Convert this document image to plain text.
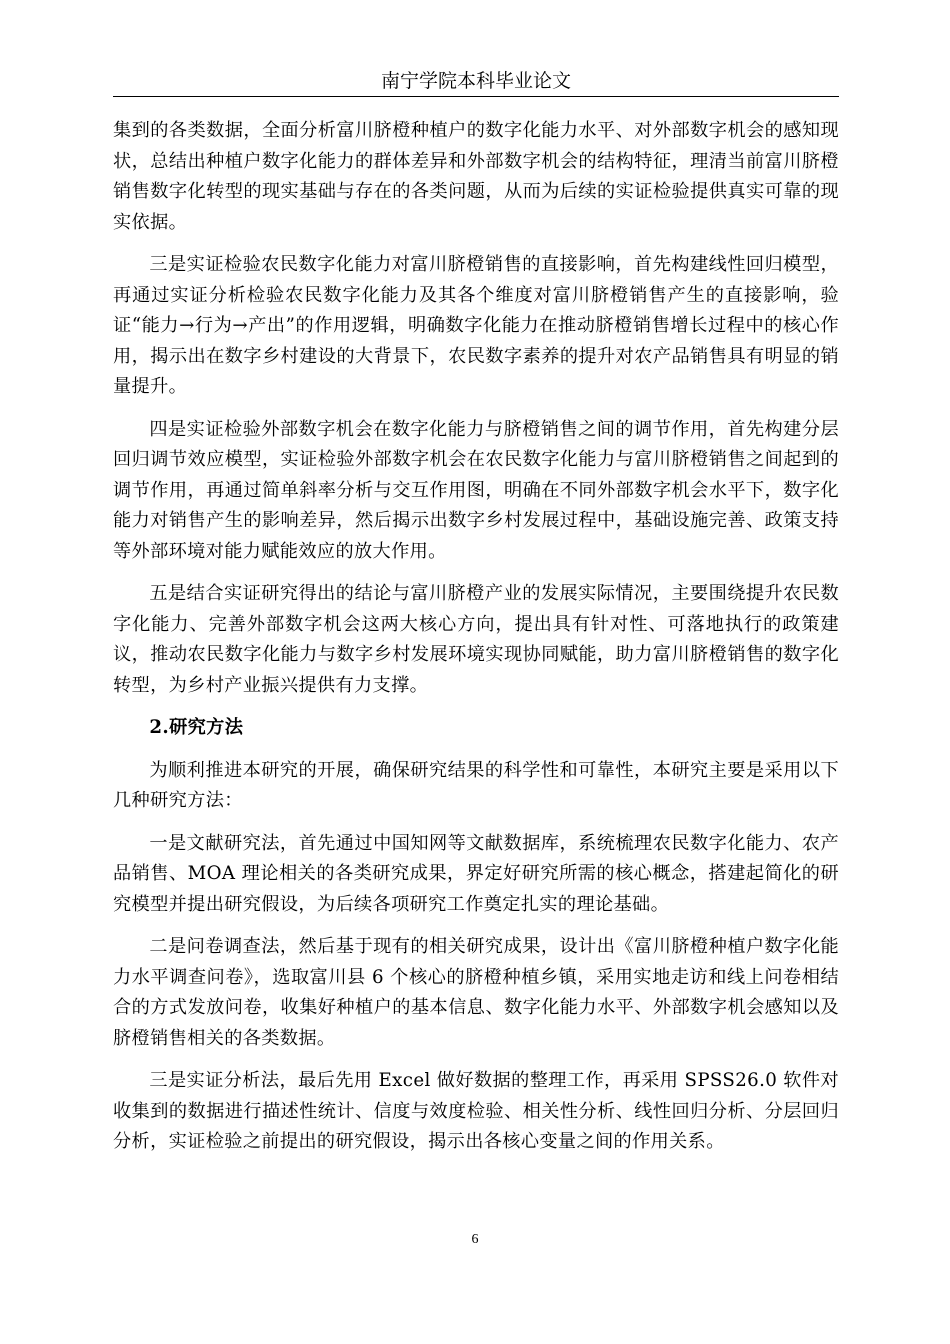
南宁学院本科毕业论文

集到的各类数据，全面分析富川脐橙种植户的数字化能力水平、对外部数字机会的感知现状，总结出种植户数字化能力的群体差异和外部数字机会的结构特征，理清当前富川脐橙销售数字化转型的现实基础与存在的各类问题，从而为后续的实证检验提供真实可靠的现实依据。

三是实证检验农民数字化能力对富川脐橙销售的直接影响，首先构建线性回归模型，再通过实证分析检验农民数字化能力及其各个维度对富川脐橙销售产生的直接影响，验证“能力→行为→产出”的作用逻辑，明确数字化能力在推动脐橙销售增长过程中的核心作用，揭示出在数字乡村建设的大背景下，农民数字素养的提升对农产品销售具有明显的销量提升。

四是实证检验外部数字机会在数字化能力与脐橙销售之间的调节作用，首先构建分层回归调节效应模型，实证检验外部数字机会在农民数字化能力与富川脐橙销售之间起到的调节作用，再通过简单斜率分析与交互作用图，明确在不同外部数字机会水平下，数字化能力对销售产生的影响差异，然后揭示出数字乡村发展过程中，基础设施完善、政策支持等外部环境对能力赋能效应的放大作用。

五是结合实证研究得出的结论与富川脐橙产业的发展实际情况，主要围绕提升农民数字化能力、完善外部数字机会这两大核心方向，提出具有针对性、可落地执行的政策建议，推动农民数字化能力与数字乡村发展环境实现协同赋能，助力富川脐橙销售的数字化转型，为乡村产业振兴提供有力支撑。

2.研究方法

为顺利推进本研究的开展，确保研究结果的科学性和可靠性，本研究主要是采用以下几种研究方法：

一是文献研究法，首先通过中国知网等文献数据库，系统梳理农民数字化能力、农产品销售、MOA 理论相关的各类研究成果，界定好研究所需的核心概念，搭建起简化的研究模型并提出研究假设，为后续各项研究工作奠定扎实的理论基础。

二是问卷调查法，然后基于现有的相关研究成果，设计出《富川脐橙种植户数字化能力水平调查问卷》，选取富川县 6 个核心的脐橙种植乡镇，采用实地走访和线上问卷相结合的方式发放问卷，收集好种植户的基本信息、数字化能力水平、外部数字机会感知以及脐橙销售相关的各类数据。

三是实证分析法，最后先用 Excel 做好数据的整理工作，再采用 SPSS26.0 软件对收集到的数据进行描述性统计、信度与效度检验、相关性分析、线性回归分析、分层回归分析，实证检验之前提出的研究假设，揭示出各核心变量之间的作用关系。

6
